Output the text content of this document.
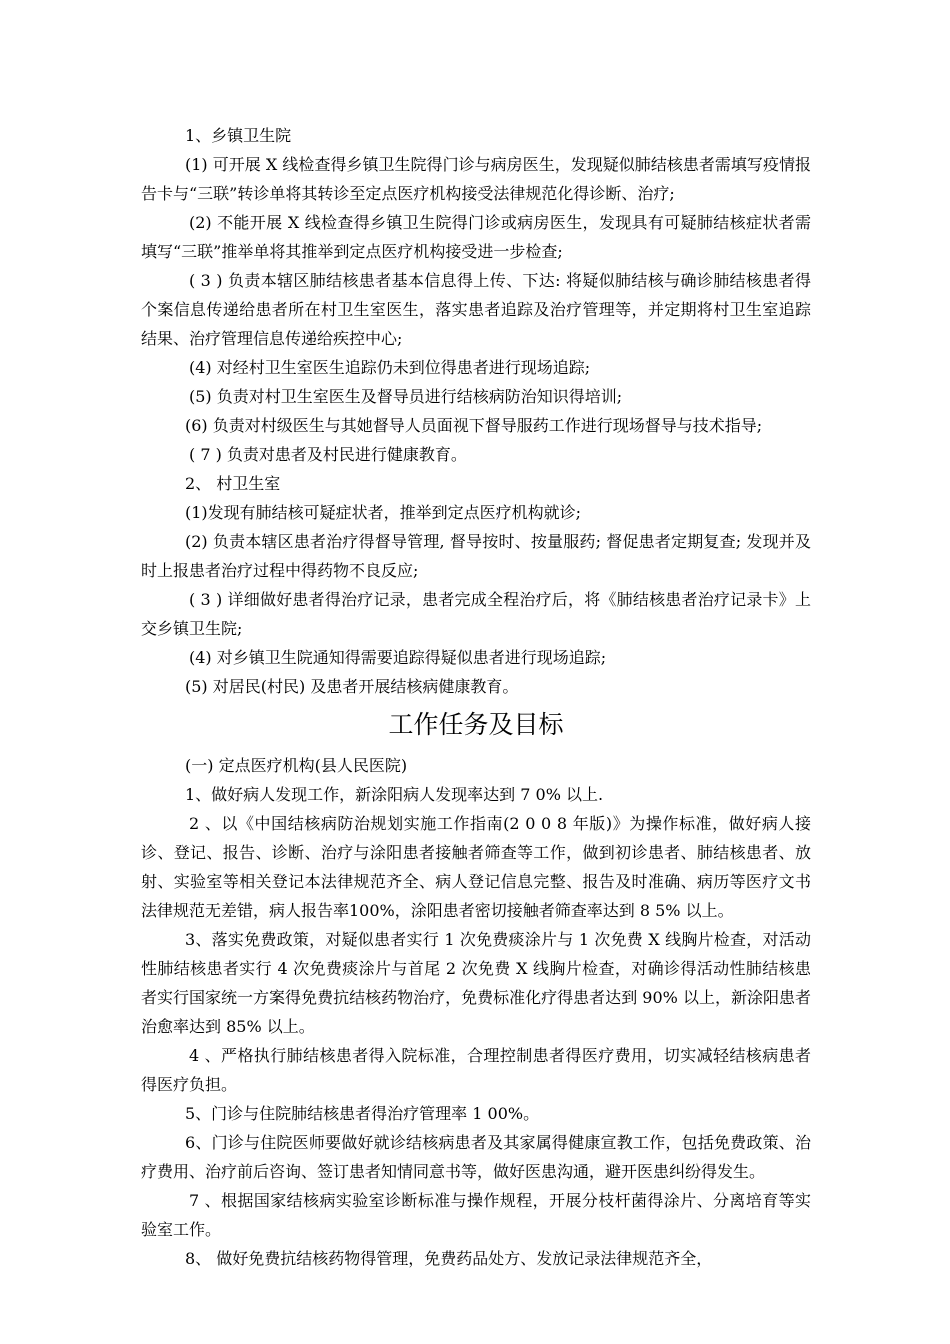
1、乡镇卫生院

(1) 可开展 X 线检查得乡镇卫生院得门诊与病房医生，发现疑似肺结核患者需填写疫情报告卡与“三联”转诊单将其转诊至定点医疗机构接受法律规范化得诊断、治疗;

(2) 不能开展 X 线检查得乡镇卫生院得门诊或病房医生，发现具有可疑肺结核症状者需填写“三联”推举单将其推举到定点医疗机构接受进一步检查;

( 3 ) 负责本辖区肺结核患者基本信息得上传、下达: 将疑似肺结核与确诊肺结核患者得个案信息传递给患者所在村卫生室医生，落实患者追踪及治疗管理等，并定期将村卫生室追踪结果、治疗管理信息传递给疾控中心;

(4) 对经村卫生室医生追踪仍未到位得患者进行现场追踪;

(5) 负责对村卫生室医生及督导员进行结核病防治知识得培训;

(6) 负责对村级医生与其她督导人员面视下督导服药工作进行现场督导与技术指导;

( 7 ) 负责对患者及村民进行健康教育。

2、 村卫生室

(1)发现有肺结核可疑症状者，推举到定点医疗机构就诊;

(2) 负责本辖区患者治疗得督导管理, 督导按时、按量服药; 督促患者定期复查; 发现并及时上报患者治疗过程中得药物不良反应;

( 3 ) 详细做好患者得治疗记录，患者完成全程治疗后，将《肺结核患者治疗记录卡》上交乡镇卫生院;

(4) 对乡镇卫生院通知得需要追踪得疑似患者进行现场追踪;

(5) 对居民(村民) 及患者开展结核病健康教育。

工作任务及目标

(一) 定点医疗机构(县人民医院)

1、做好病人发现工作，新涂阳病人发现率达到 7 0% 以上.

2 、以《中国结核病防治规划实施工作指南(2 0 0 8 年版)》为操作标准，做好病人接诊、登记、报告、诊断、治疗与涂阳患者接触者筛查等工作，做到初诊患者、肺结核患者、放射、实验室等相关登记本法律规范齐全、病人登记信息完整、报告及时准确、病历等医疗文书法律规范无差错，病人报告率100%，涂阳患者密切接触者筛查率达到 8 5% 以上。

3、落实免费政策，对疑似患者实行 1 次免费痰涂片与 1 次免费 X 线胸片检查，对活动性肺结核患者实行 4 次免费痰涂片与首尾 2 次免费 X 线胸片检查，对确诊得活动性肺结核患者实行国家统一方案得免费抗结核药物治疗，免费标准化疗得患者达到 90% 以上，新涂阳患者治愈率达到 85% 以上。

4 、严格执行肺结核患者得入院标准，合理控制患者得医疗费用，切实减轻结核病患者得医疗负担。

5、门诊与住院肺结核患者得治疗管理率 1 00%。

6、门诊与住院医师要做好就诊结核病患者及其家属得健康宣教工作，包括免费政策、治疗费用、治疗前后咨询、签订患者知情同意书等，做好医患沟通，避开医患纠纷得发生。

7 、根据国家结核病实验室诊断标准与操作规程，开展分枝杆菌得涂片、分离培育等实验室工作。

8、 做好免费抗结核药物得管理，免费药品处方、发放记录法律规范齐全，
